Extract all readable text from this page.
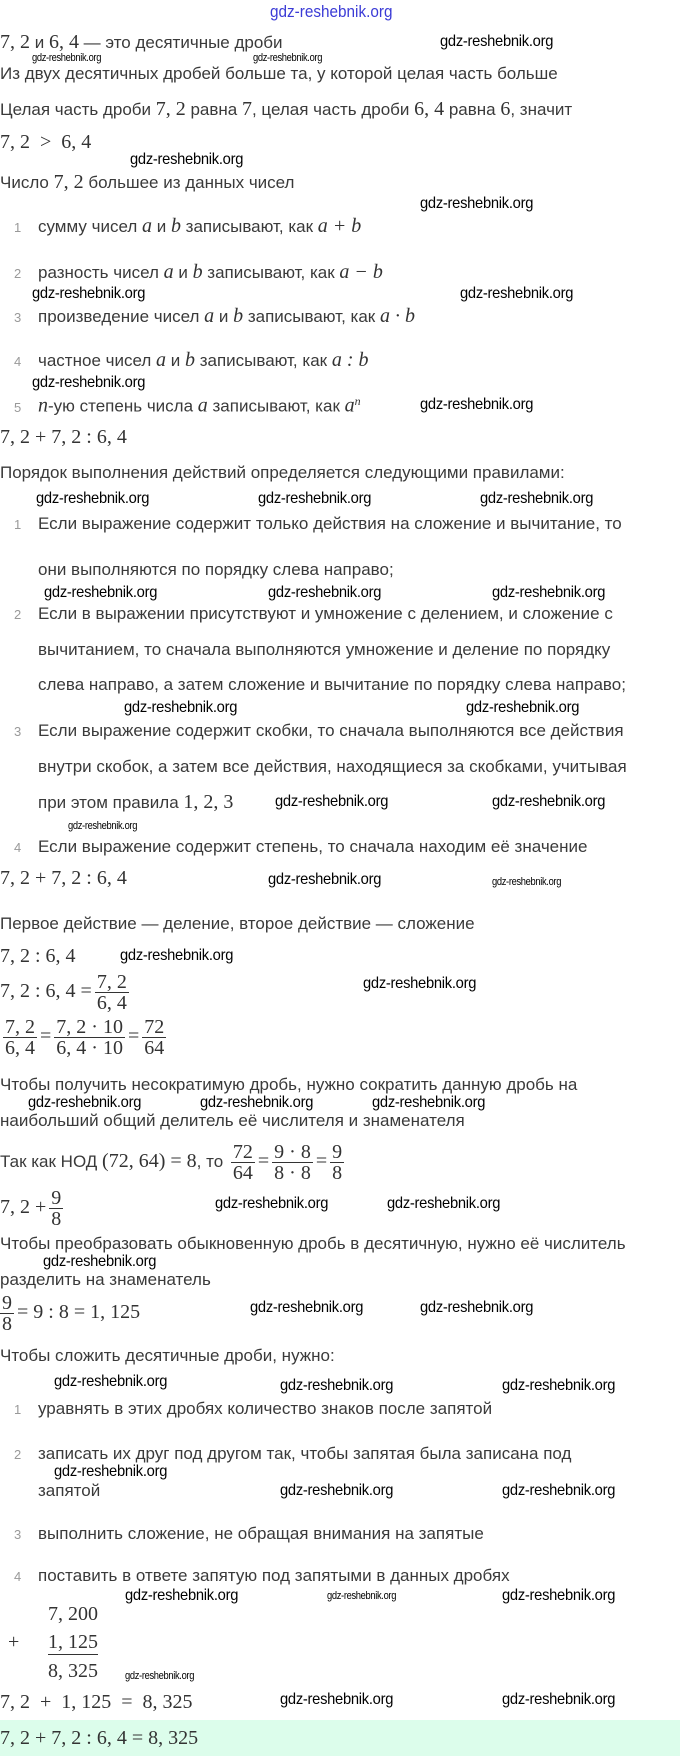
gdz-reshebnik.org
7, 2 и 6, 4 — это десятичные дроби
Из двух десятичных дробей больше та, у которой целая часть больше
Целая часть дроби 7, 2 равна 7, целая часть дроби 6, 4 равна 6, значит
7, 2  >  6, 4
Число 7, 2 большее из данных чисел
1 сумму чисел a и b записывают, как a + b
2 разность чисел a и b записывают, как a − b
3 произведение чисел a и b записывают, как a · b
4 частное чисел a и b записывают, как a : b
5 n-ую степень числа a записывают, как $a^n$
7, 2 + 7, 2 : 6, 4
Порядок выполнения действий определяется следующими правилами:
1 Если выражение содержит только действия на сложение и вычитание, то
они выполняются по порядку слева направо;
2 Если в выражении присутствуют и умножение с делением, и сложение с
вычитанием, то сначала выполняются умножение и деление по порядку
слева направо, а затем сложение и вычитание по порядку слева направо;
3 Если выражение содержит скобки, то сначала выполняются все действия
внутри скобок, а затем все действия, находящиеся за скобками, учитывая
при этом правила 1, 2, 3
4 Если выражение содержит степень, то сначала находим её значение
7, 2 + 7, 2 : 6, 4
Первое действие — деление, второе действие — сложение
7, 2 : 6, 4
7, 2 : 6, $4 = \frac{7, 2}{6, 4}$
$\frac{7, 2}{6, 4} = \frac{7, 2 \cdot 10}{6, 4 \cdot 10} = \frac{72}{64}$
Чтобы получить несократимую дробь, нужно сократить данную дробь на
наибольший общий делитель её числителя и знаменателя
Так как НОД (72, 64) = 8, то $\frac{72}{64} = \frac{9 \cdot 8}{8 \cdot 8} = \frac{9}{8}$
7, $2 + \frac{9}{8}$
Чтобы преобразовать обыкновенную дробь в десятичную, нужно её числитель
разделить на знаменатель
$\frac{9}{8} = 9$ : 8 = 1, 125
Чтобы сложить десятичные дроби, нужно:
1 уравнять в этих дробях количество знаков после запятой
2 записать их друг под другом так, чтобы запятая была записана под
запятой
3 выполнить сложение, не обращая внимания на запятые
4 поставить в ответе запятую под запятыми в данных дробях
7, 200
+ 1, 125
8, 325
7, 2  +  1, 125  =  8, 325
7, 2 + 7, 2 : 6, 4 = 8, 325
gdz-reshebnik.org	gdz-reshebnik.org
gdz-reshebnik.org
gdz-reshebnik.org
gdz-reshebnik.org
gdz-reshebnik.org	gdz-reshebnik.org
gdz-reshebnik.org
gdz-reshebnik.org
gdz-reshebnik.org	gdz-reshebnik.org	gdz-reshebnik.org
gdz-reshebnik.org	gdz-reshebnik.org	gdz-reshebnik.org
gdz-reshebnik.org	gdz-reshebnik.org
gdz-reshebnik.org	gdz-reshebnik.org
gdz-reshebnik.org
gdz-reshebnik.org	gdz-reshebnik.org
gdz-reshebnik.org
gdz-reshebnik.org
gdz-reshebnik.org	gdz-reshebnik.org	gdz-reshebnik.org
gdz-reshebnik.org	gdz-reshebnik.org
gdz-reshebnik.org
gdz-reshebnik.org	gdz-reshebnik.org
gdz-reshebnik.org	gdz-reshebnik.org	gdz-reshebnik.org
gdz-reshebnik.org
gdz-reshebnik.org	gdz-reshebnik.org
gdz-reshebnik.org	gdz-reshebnik.org	gdz-reshebnik.org
gdz-reshebnik.org
gdz-reshebnik.org	gdz-reshebnik.org
